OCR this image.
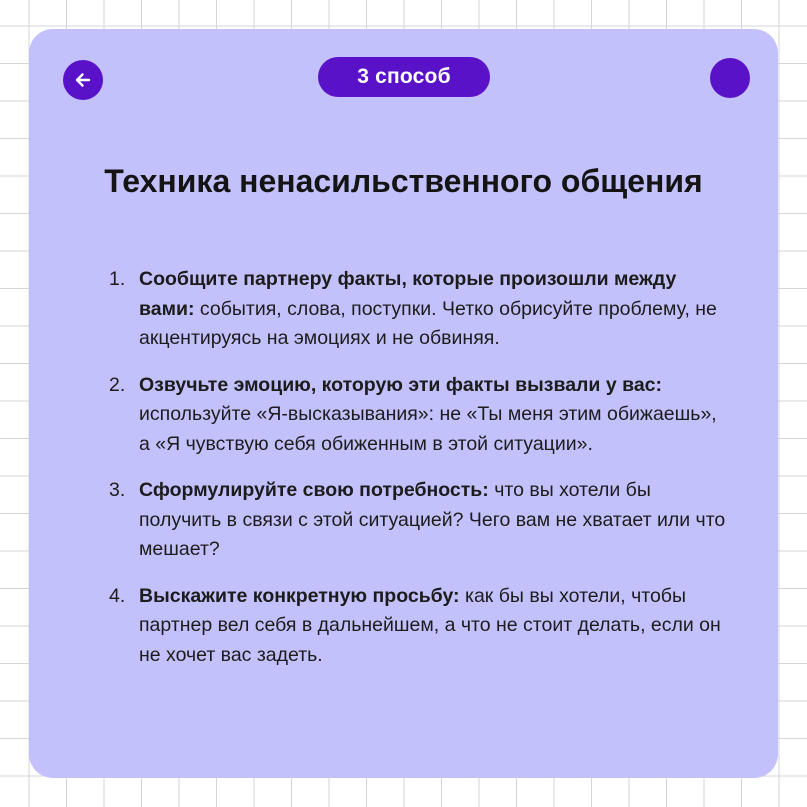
3 способ
Техника ненасильственного общения
1. Сообщите партнеру факты, которые произошли между вами: события, слова, поступки. Четко обрисуйте проблему, не акцентируясь на эмоциях и не обвиняя.
2. Озвучьте эмоцию, которую эти факты вызвали у вас: используйте «Я-высказывания»: не «Ты меня этим обижаешь», а «Я чувствую себя обиженным в этой ситуации».
3. Сформулируйте свою потребность: что вы хотели бы получить в связи с этой ситуацией? Чего вам не хватает или что мешает?
4. Выскажите конкретную просьбу: как бы вы хотели, чтобы партнер вел себя в дальнейшем, а что не стоит делать, если он не хочет вас задеть.
